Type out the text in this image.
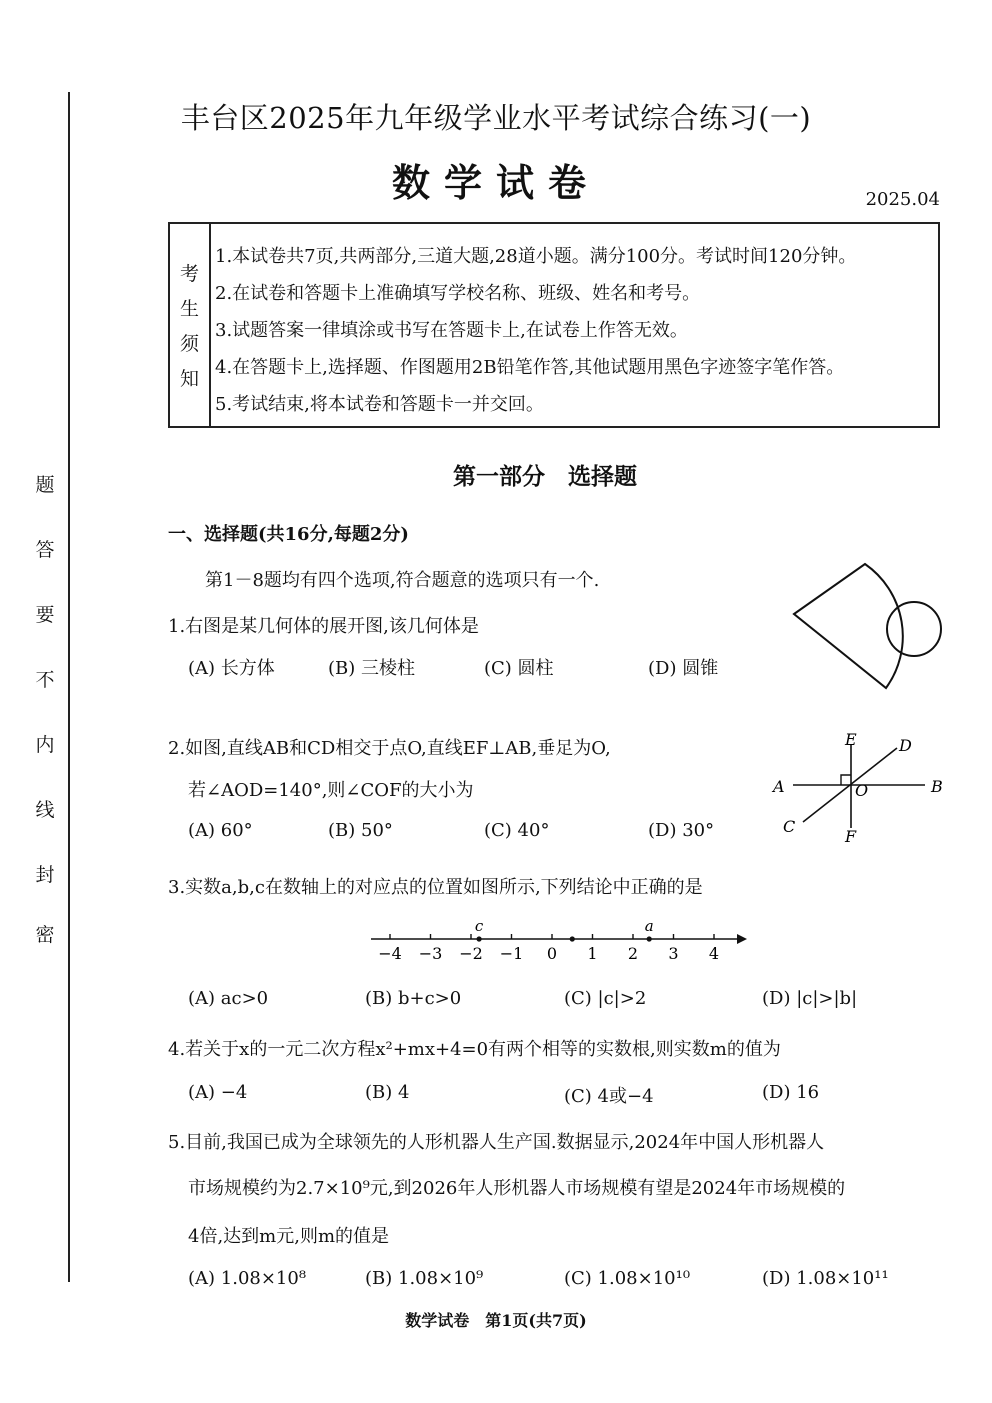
题
答
要
不
内
线
封
密
丰台区2025年九年级学业水平考试综合练习(一)
数学试卷	2025.04
考
生
须
知
1.本试卷共7页,共两部分,三道大题,28道小题。满分100分。考试时间120分钟。
2.在试卷和答题卡上准确填写学校名称、班级、姓名和考号。
3.试题答案一律填涂或书写在答题卡上,在试卷上作答无效。
4.在答题卡上,选择题、作图题用2B铅笔作答,其他试题用黑色字迹签字笔作答。
5.考试结束,将本试卷和答题卡一并交回。
第一部分　选择题
一、选择题(共16分,每题2分)
第1－8题均有四个选项,符合题意的选项只有一个.
1.右图是某几何体的展开图,该几何体是
(A) 长方体	(B) 三棱柱	(C) 圆柱	(D) 圆锥
2.如图,直线AB和CD相交于点O,直线EF⊥AB,垂足为O,
若∠AOD=140°,则∠COF的大小为
(A) 60°	(B) 50°	(C) 40°	(D) 30°
A	B
C
D
E
F
O
3.实数a,b,c在数轴上的对应点的位置如图所示,下列结论中正确的是
−4 −3 −2 −1 0 1 2 3 4
c	a
(A) ac>0	(B) b+c>0	(C) |c|>2	(D) |c|>|b|
4.若关于x的一元二次方程x²+mx+4=0有两个相等的实数根,则实数m的值为
(A) −4	(B) 4	(C) 4或−4	(D) 16
5.目前,我国已成为全球领先的人形机器人生产国.数据显示,2024年中国人形机器人
市场规模约为2.7×10⁹元,到2026年人形机器人市场规模有望是2024年市场规模的
4倍,达到m元,则m的值是
(A) 1.08×10⁸	(B) 1.08×10⁹	(C) 1.08×10¹⁰	(D) 1.08×10¹¹
数学试卷　第1页(共7页)
